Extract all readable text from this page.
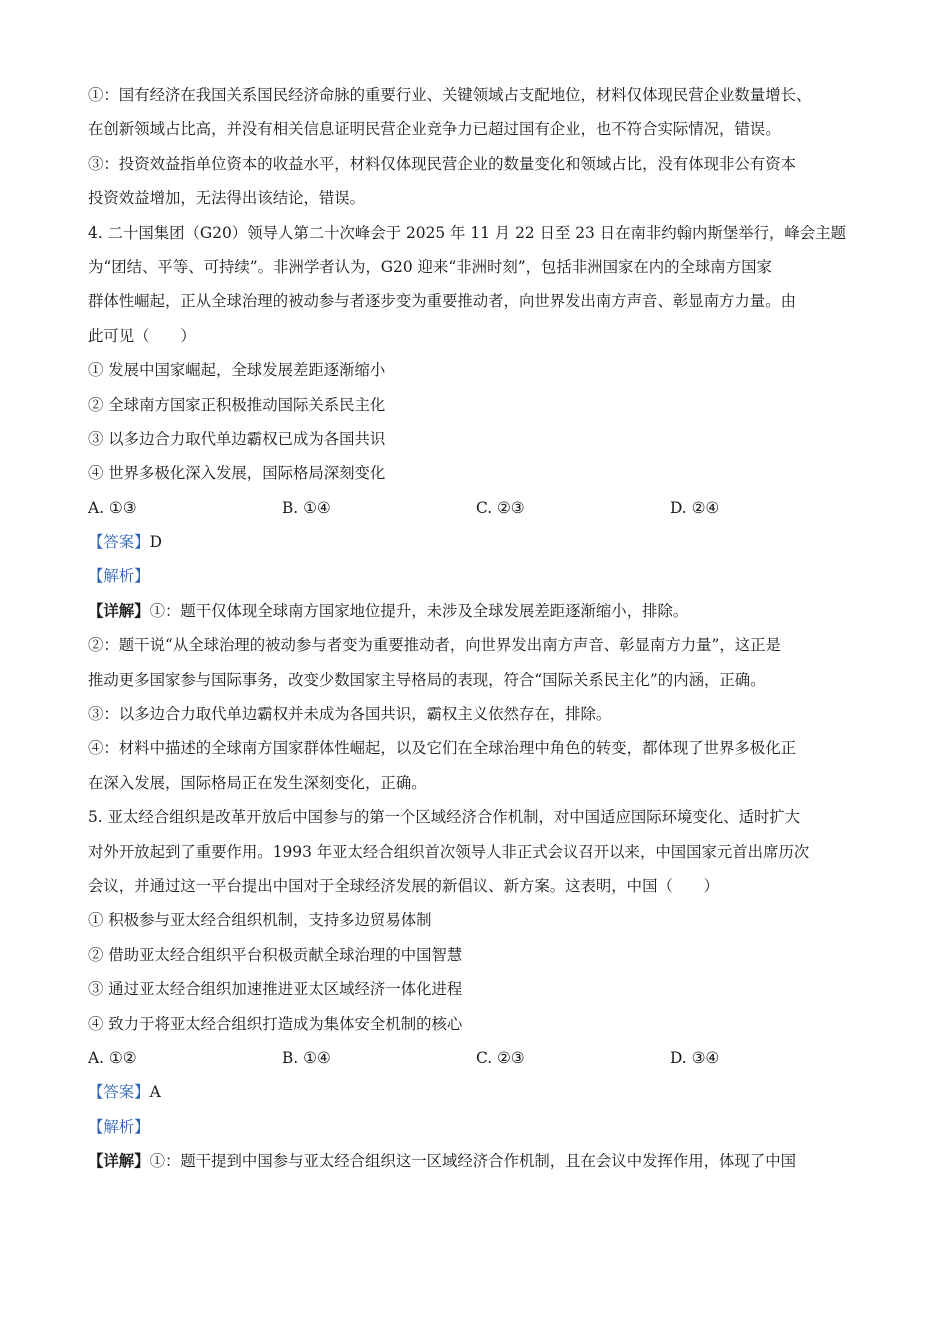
①：国有经济在我国关系国民经济命脉的重要行业、关键领域占支配地位，材料仅体现民营企业数量增长、
在创新领域占比高，并没有相关信息证明民营企业竞争力已超过国有企业，也不符合实际情况，错误。
③：投资效益指单位资本的收益水平，材料仅体现民营企业的数量变化和领域占比，没有体现非公有资本
投资效益增加，无法得出该结论，错误。
4. 二十国集团（G20）领导人第二十次峰会于 2025 年 11 月 22 日至 23 日在南非约翰内斯堡举行，峰会主题
为“团结、平等、可持续”。非洲学者认为，G20 迎来“非洲时刻”，包括非洲国家在内的全球南方国家
群体性崛起，正从全球治理的被动参与者逐步变为重要推动者，向世界发出南方声音、彰显南方力量。由
此可见（　　）
① 发展中国家崛起，全球发展差距逐渐缩小
② 全球南方国家正积极推动国际关系民主化
③ 以多边合力取代单边霸权已成为各国共识
④ 世界多极化深入发展，国际格局深刻变化
A. ①③	B. ①④	C. ②③	D. ②④
【答案】D
【解析】
【详解】①：题干仅体现全球南方国家地位提升，未涉及全球发展差距逐渐缩小，排除。
②：题干说“从全球治理的被动参与者变为重要推动者，向世界发出南方声音、彰显南方力量”，这正是
推动更多国家参与国际事务，改变少数国家主导格局的表现，符合“国际关系民主化”的内涵，正确。
③：以多边合力取代单边霸权并未成为各国共识，霸权主义依然存在，排除。
④：材料中描述的全球南方国家群体性崛起，以及它们在全球治理中角色的转变，都体现了世界多极化正
在深入发展，国际格局正在发生深刻变化，正确。
5. 亚太经合组织是改革开放后中国参与的第一个区域经济合作机制，对中国适应国际环境变化、适时扩大
对外开放起到了重要作用。1993 年亚太经合组织首次领导人非正式会议召开以来，中国国家元首出席历次
会议，并通过这一平台提出中国对于全球经济发展的新倡议、新方案。这表明，中国（　　）
① 积极参与亚太经合组织机制，支持多边贸易体制
② 借助亚太经合组织平台积极贡献全球治理的中国智慧
③ 通过亚太经合组织加速推进亚太区域经济一体化进程
④ 致力于将亚太经合组织打造成为集体安全机制的核心
A. ①②	B. ①④	C. ②③	D. ③④
【答案】A
【解析】
【详解】①：题干提到中国参与亚太经合组织这一区域经济合作机制，且在会议中发挥作用，体现了中国
